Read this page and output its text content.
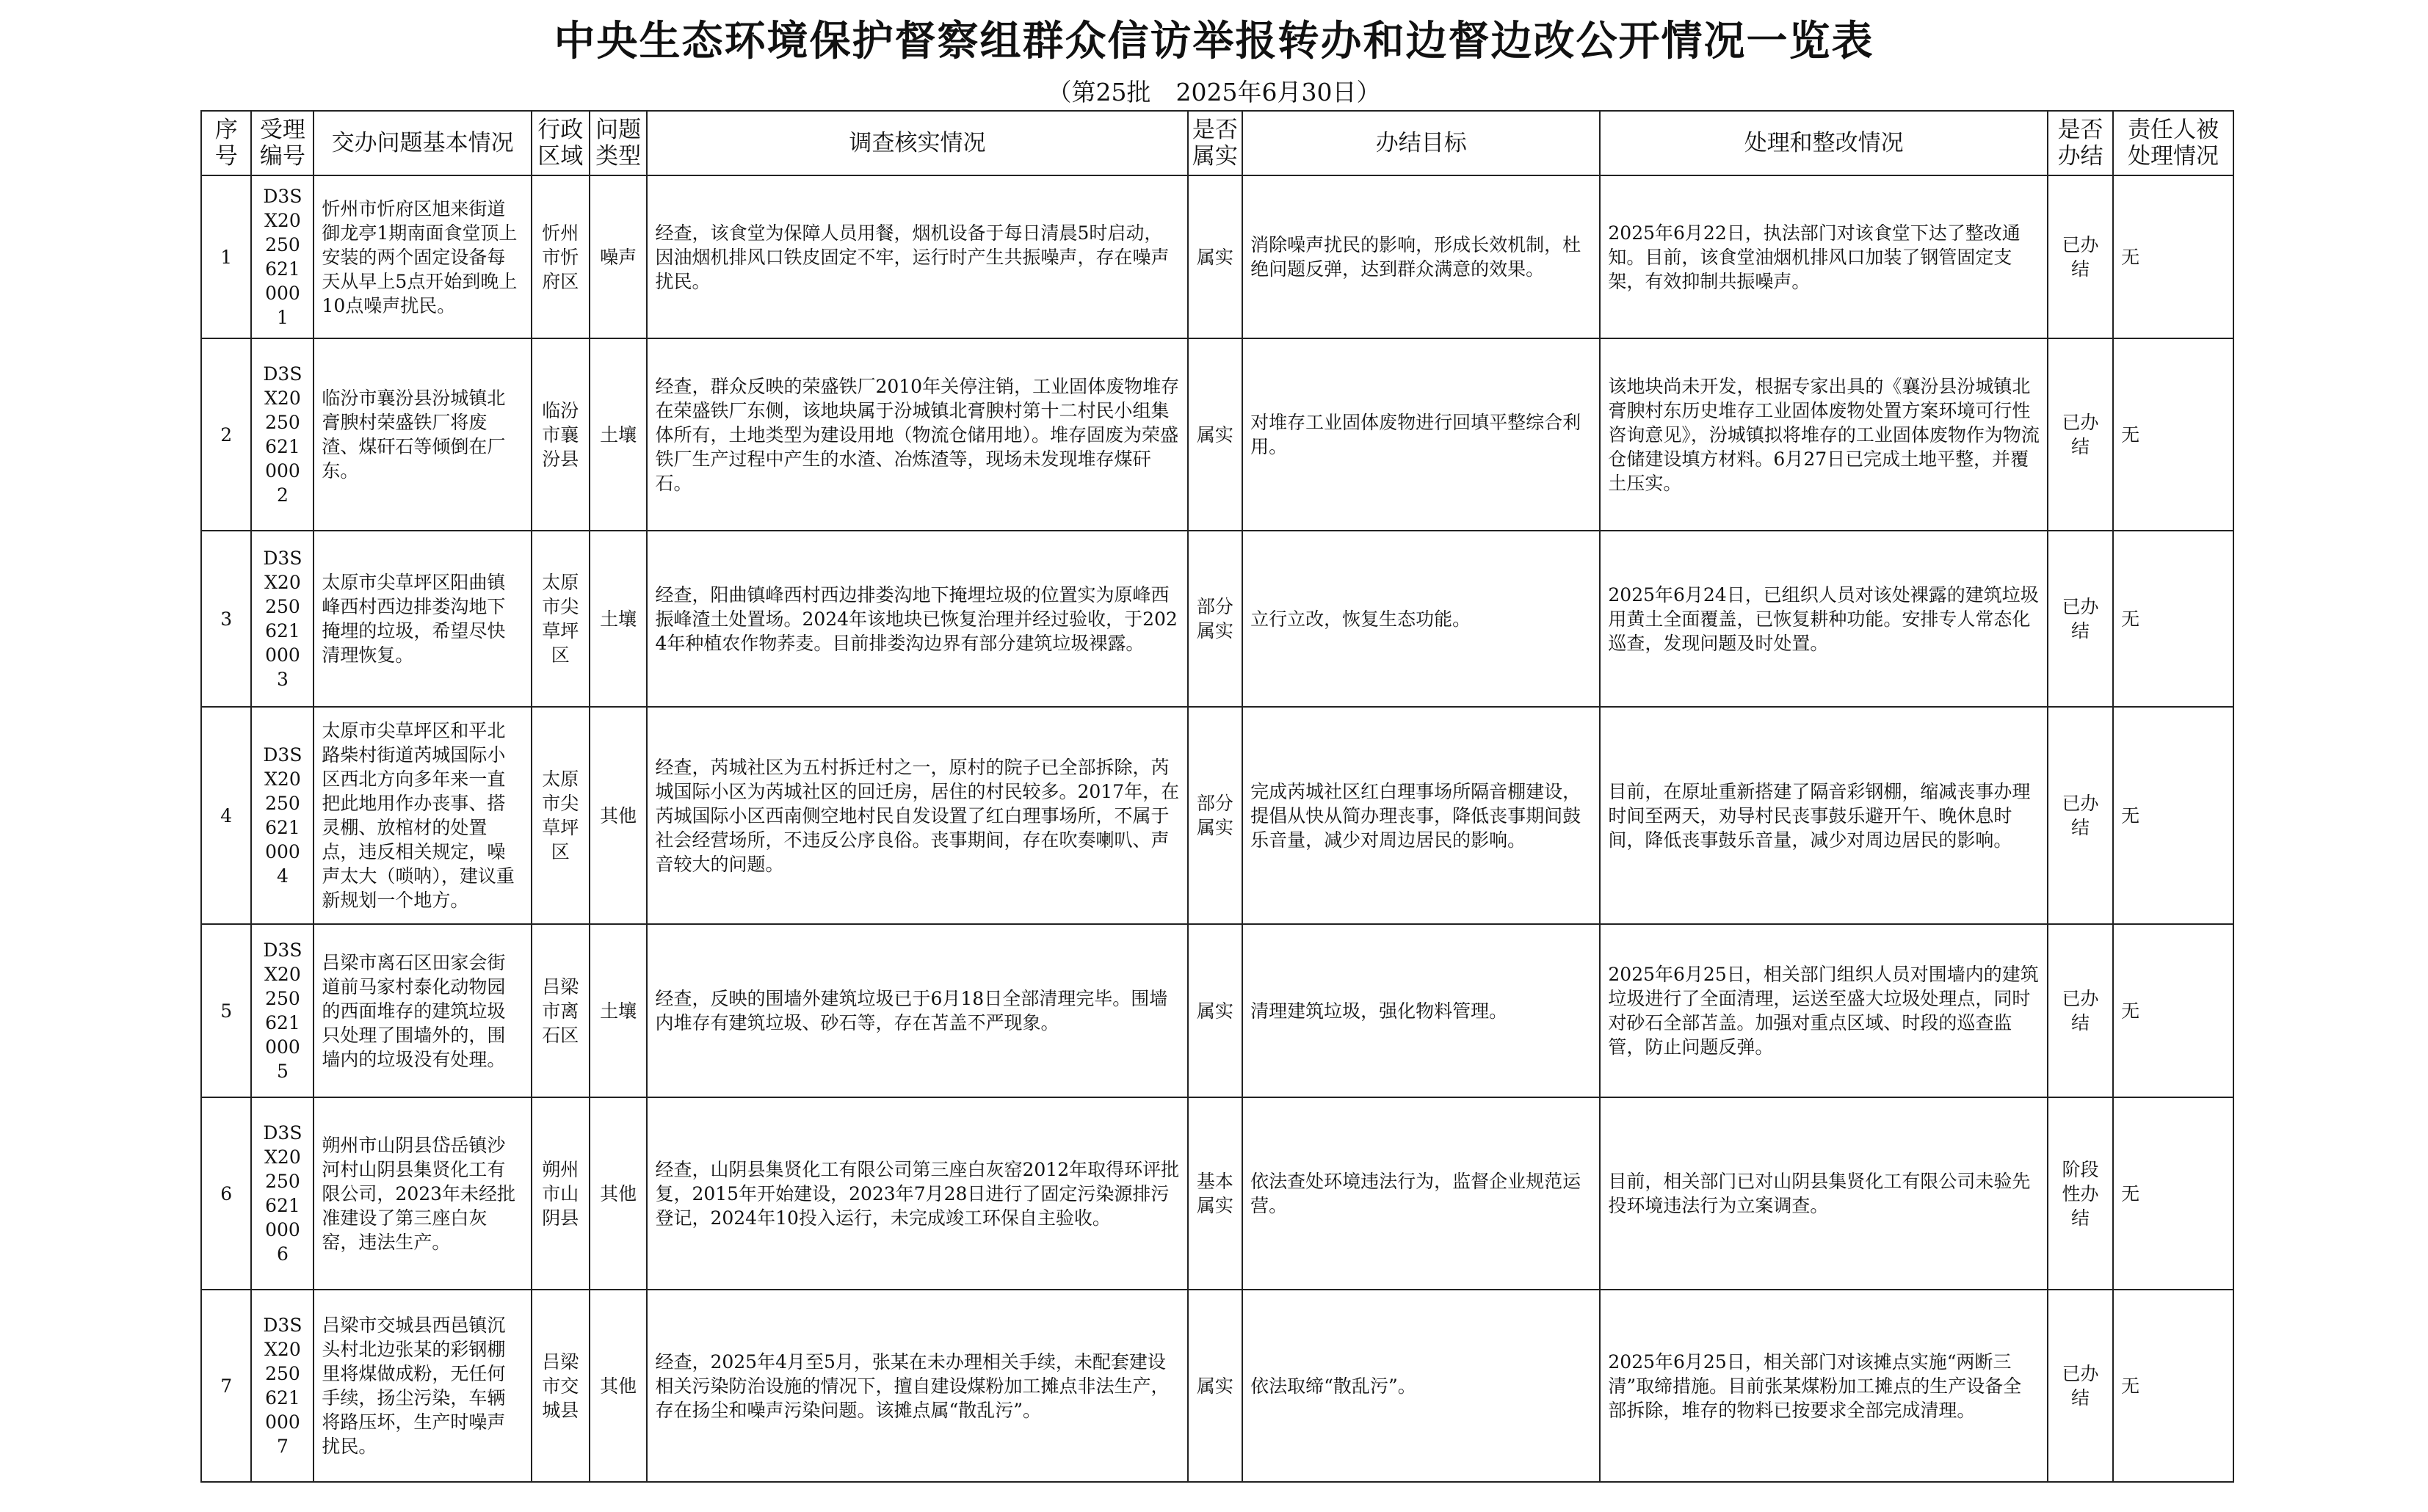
中央生态环境保护督察组群众信访举报转办和边督边改公开情况一览表
（第25批 2025年6月30日）
序号	受理编号	交办问题基本情况	行政区域	问题类型	调查核实情况	是否属实	办结目标	处理和整改情况	是否办结	责任人被处理情况
1	D3SX202506210001	忻州市忻府区旭来街道御龙亭1期南面食堂顶上安装的两个固定设备每天从早上5点开始到晚上10点噪声扰民。	忻州市忻府区	噪声	经查，该食堂为保障人员用餐，烟机设备于每日清晨5时启动，因油烟机排风口铁皮固定不牢，运行时产生共振噪声，存在噪声扰民。	属实	消除噪声扰民的影响，形成长效机制，杜绝问题反弹，达到群众满意的效果。	2025年6月22日，执法部门对该食堂下达了整改通知。目前，该食堂油烟机排风口加装了钢管固定支架，有效抑制共振噪声。	已办结	无
2	D3SX202506210002	临汾市襄汾县汾城镇北膏腴村荣盛铁厂将废渣、煤矸石等倾倒在厂东。	临汾市襄汾县	土壤	经查，群众反映的荣盛铁厂2010年关停注销，工业固体废物堆存在荣盛铁厂东侧，该地块属于汾城镇北膏腴村第十二村民小组集体所有，土地类型为建设用地（物流仓储用地）。堆存固废为荣盛铁厂生产过程中产生的水渣、冶炼渣等，现场未发现堆存煤矸石。	属实	对堆存工业固体废物进行回填平整综合利用。	该地块尚未开发，根据专家出具的《襄汾县汾城镇北膏腴村东历史堆存工业固体废物处置方案环境可行性咨询意见》，汾城镇拟将堆存的工业固体废物作为物流仓储建设填方材料。6月27日已完成土地平整，并覆土压实。	已办结	无
3	D3SX202506210003	太原市尖草坪区阳曲镇峰西村西边排娄沟地下掩埋的垃圾，希望尽快清理恢复。	太原市尖草坪区	土壤	经查，阳曲镇峰西村西边排娄沟地下掩埋垃圾的位置实为原峰西振峰渣土处置场。2024年该地块已恢复治理并经过验收，于2024年种植农作物荞麦。目前排娄沟边界有部分建筑垃圾裸露。	部分属实	立行立改，恢复生态功能。	2025年6月24日，已组织人员对该处裸露的建筑垃圾用黄土全面覆盖，已恢复耕种功能。安排专人常态化巡查，发现问题及时处置。	已办结	无
4	D3SX202506210004	太原市尖草坪区和平北路柴村街道芮城国际小区西北方向多年来一直把此地用作办丧事、搭灵棚、放棺材的处置点，违反相关规定，噪声太大（唢呐），建议重新规划一个地方。	太原市尖草坪区	其他	经查，芮城社区为五村拆迁村之一，原村的院子已全部拆除，芮城国际小区为芮城社区的回迁房，居住的村民较多。2017年，在芮城国际小区西南侧空地村民自发设置了红白理事场所，不属于社会经营场所，不违反公序良俗。丧事期间，存在吹奏喇叭、声音较大的问题。	部分属实	完成芮城社区红白理事场所隔音棚建设，提倡从快从简办理丧事，降低丧事期间鼓乐音量，减少对周边居民的影响。	目前，在原址重新搭建了隔音彩钢棚，缩减丧事办理时间至两天，劝导村民丧事鼓乐避开午、晚休息时间，降低丧事鼓乐音量，减少对周边居民的影响。	已办结	无
5	D3SX202506210005	吕梁市离石区田家会街道前马家村泰化动物园的西面堆存的建筑垃圾只处理了围墙外的，围墙内的垃圾没有处理。	吕梁市离石区	土壤	经查，反映的围墙外建筑垃圾已于6月18日全部清理完毕。围墙内堆存有建筑垃圾、砂石等，存在苫盖不严现象。	属实	清理建筑垃圾，强化物料管理。	2025年6月25日，相关部门组织人员对围墙内的建筑垃圾进行了全面清理，运送至盛大垃圾处理点，同时对砂石全部苫盖。加强对重点区域、时段的巡查监管，防止问题反弹。	已办结	无
6	D3SX202506210006	朔州市山阴县岱岳镇沙河村山阴县集贤化工有限公司，2023年未经批准建设了第三座白灰窑，违法生产。	朔州市山阴县	其他	经查，山阴县集贤化工有限公司第三座白灰窑2012年取得环评批复，2015年开始建设，2023年7月28日进行了固定污染源排污登记，2024年10投入运行，未完成竣工环保自主验收。	基本属实	依法查处环境违法行为，监督企业规范运营。	目前，相关部门已对山阴县集贤化工有限公司未验先投环境违法行为立案调查。	阶段性办结	无
7	D3SX202506210007	吕梁市交城县西邑镇沉头村北边张某的彩钢棚里将煤做成粉，无任何手续，扬尘污染，车辆将路压坏，生产时噪声扰民。	吕梁市交城县	其他	经查，2025年4月至5月，张某在未办理相关手续，未配套建设相关污染防治设施的情况下，擅自建设煤粉加工摊点非法生产，存在扬尘和噪声污染问题。该摊点属“散乱污”。	属实	依法取缔“散乱污”。	2025年6月25日，相关部门对该摊点实施“两断三清”取缔措施。目前张某煤粉加工摊点的生产设备全部拆除，堆存的物料已按要求全部完成清理。	已办结	无
